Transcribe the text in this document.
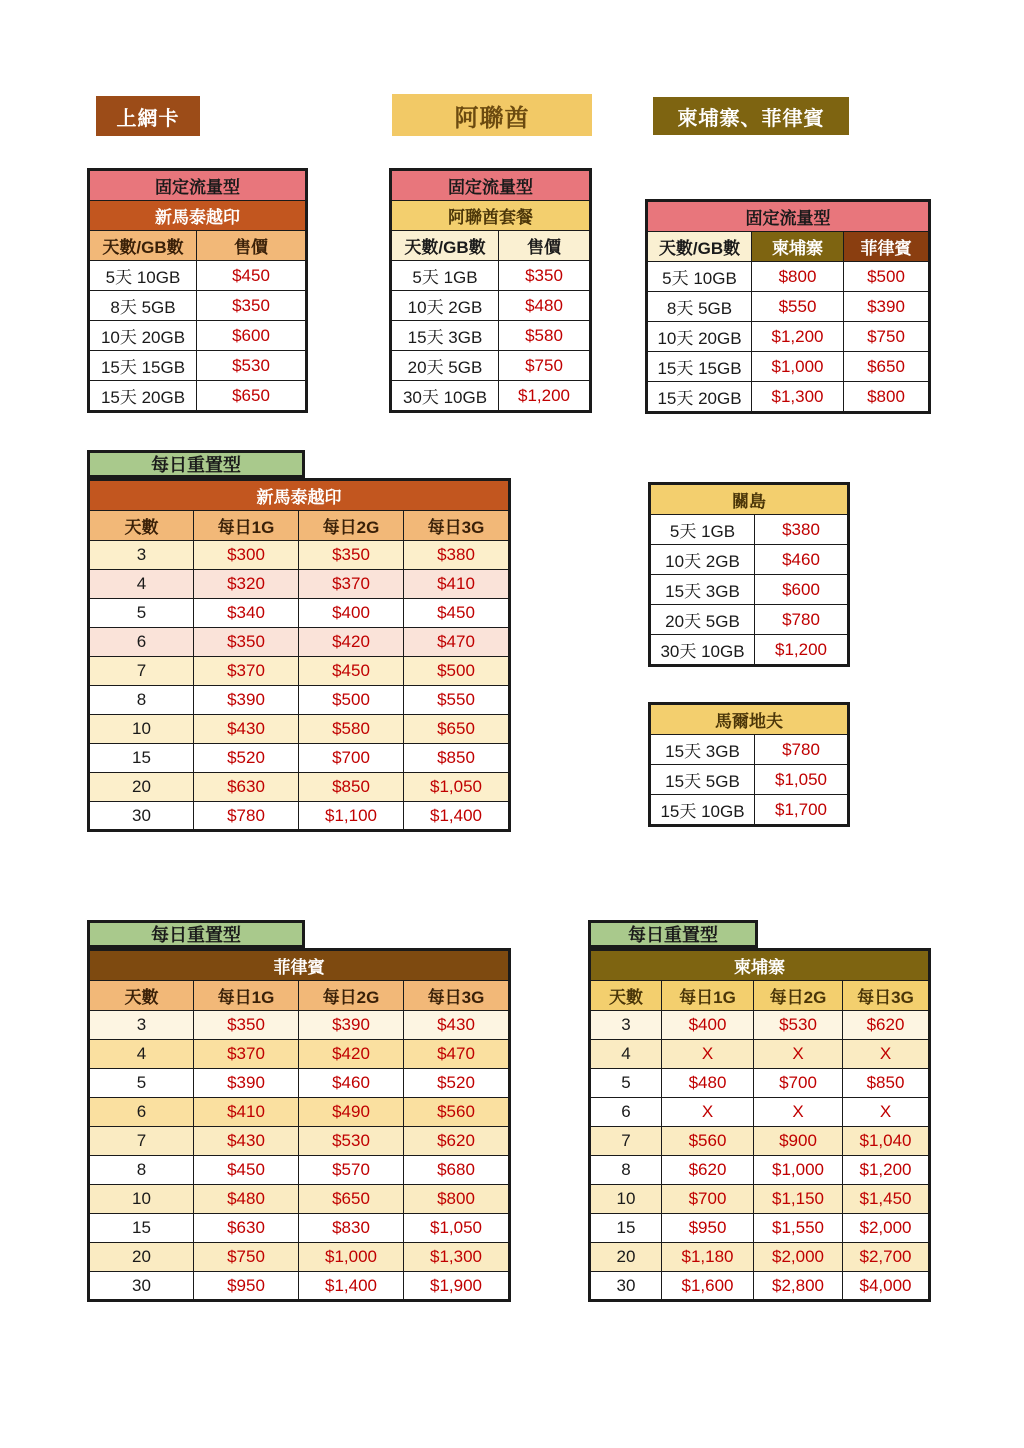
上網卡	阿聯酋	柬埔寨、菲律賓
固定流量型	
新馬泰越印	
天數/GB數	售價
5天 10GB	$450
8天 5GB	$350
10天 20GB	$600
15天 15GB	$530
15天 20GB	$650
固定流量型	
阿聯酋套餐	
天數/GB數	售價
5天 1GB	$350
10天 2GB	$480
15天 3GB	$580
20天 5GB	$750
30天 10GB	$1,200
固定流量型		
天數/GB數	柬埔寨	菲律賓
5天 10GB	$800	$500
8天 5GB	$550	$390
10天 20GB	$1,200	$750
15天 15GB	$1,000	$650
15天 20GB	$1,300	$800
每日重置型
新馬泰越印			
天數	每日1G	每日2G	每日3G
3	$300	$350	$380
4	$320	$370	$410
5	$340	$400	$450
6	$350	$420	$470
7	$370	$450	$500
8	$390	$500	$550
10	$430	$580	$650
15	$520	$700	$850
20	$630	$850	$1,050
30	$780	$1,100	$1,400
關島	
5天 1GB	$380
10天 2GB	$460
15天 3GB	$600
20天 5GB	$780
30天 10GB	$1,200
馬爾地夫	
15天 3GB	$780
15天 5GB	$1,050
15天 10GB	$1,700
每日重置型
菲律賓			
天數	每日1G	每日2G	每日3G
3	$350	$390	$430
4	$370	$420	$470
5	$390	$460	$520
6	$410	$490	$560
7	$430	$530	$620
8	$450	$570	$680
10	$480	$650	$800
15	$630	$830	$1,050
20	$750	$1,000	$1,300
30	$950	$1,400	$1,900
每日重置型
柬埔寨			
天數	每日1G	每日2G	每日3G
3	$400	$530	$620
4	X	X	X
5	$480	$700	$850
6	X	X	X
7	$560	$900	$1,040
8	$620	$1,000	$1,200
10	$700	$1,150	$1,450
15	$950	$1,550	$2,000
20	$1,180	$2,000	$2,700
30	$1,600	$2,800	$4,000
